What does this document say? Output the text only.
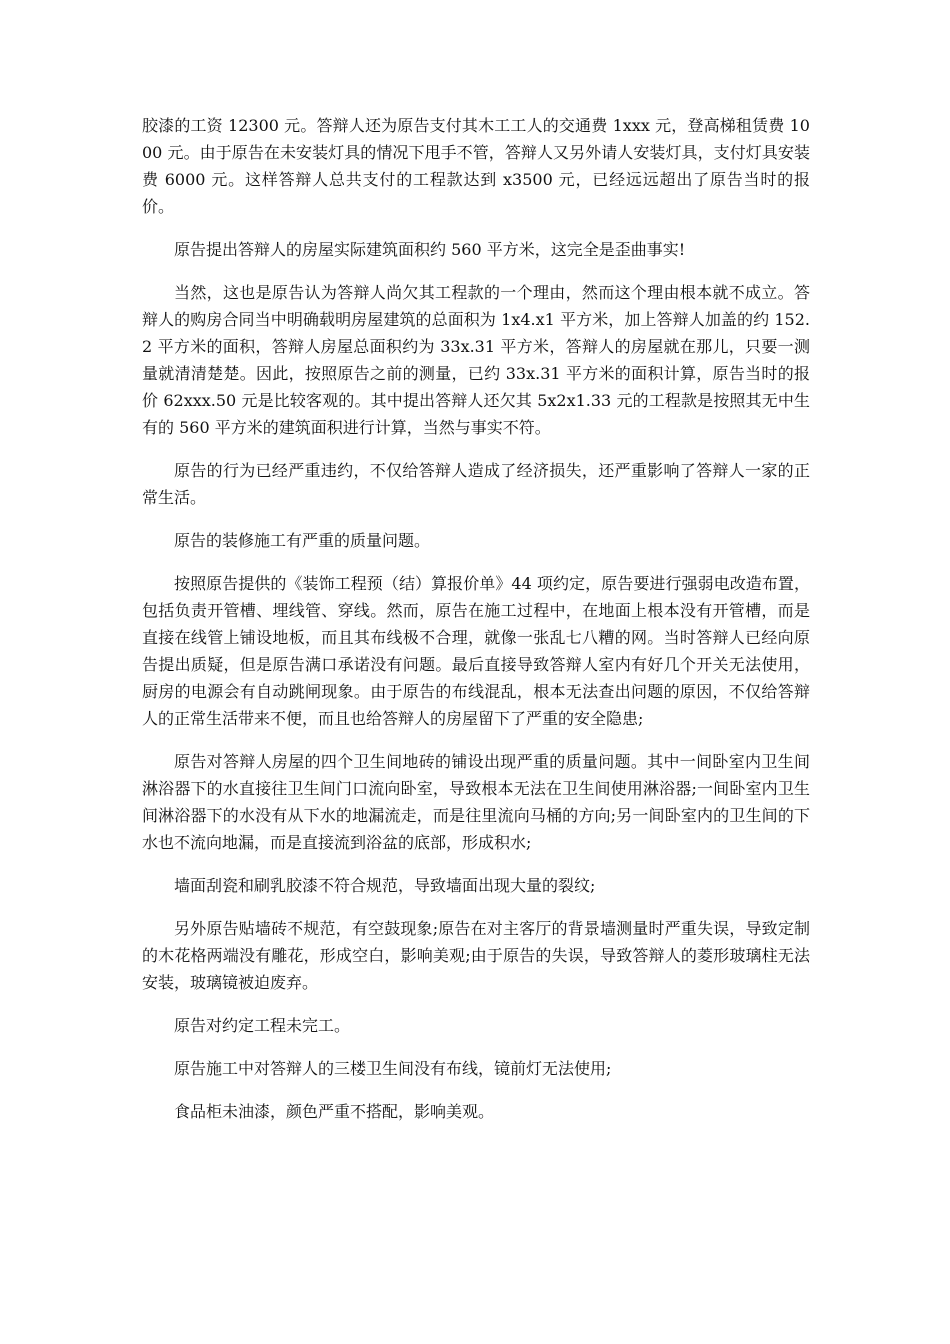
胶漆的工资 12300 元。答辩人还为原告支付其木工工人的交通费 1xxx 元，登高梯租赁费 1000 元。由于原告在未安装灯具的情况下甩手不管，答辩人又另外请人安装灯具，支付灯具安装费 6000 元。这样答辩人总共支付的工程款达到 x3500 元，已经远远超出了原告当时的报价。

原告提出答辩人的房屋实际建筑面积约 560 平方米，这完全是歪曲事实!

当然，这也是原告认为答辩人尚欠其工程款的一个理由，然而这个理由根本就不成立。答辩人的购房合同当中明确载明房屋建筑的总面积为 1x4.x1 平方米，加上答辩人加盖的约 152.2 平方米的面积，答辩人房屋总面积约为 33x.31 平方米，答辩人的房屋就在那儿，只要一测量就清清楚楚。因此，按照原告之前的测量，已约 33x.31 平方米的面积计算，原告当时的报价 62xxx.50 元是比较客观的。其中提出答辩人还欠其 5x2x1.33 元的工程款是按照其无中生有的 560 平方米的建筑面积进行计算，当然与事实不符。

原告的行为已经严重违约，不仅给答辩人造成了经济损失，还严重影响了答辩人一家的正常生活。

原告的装修施工有严重的质量问题。

按照原告提供的《装饰工程预（结）算报价单》44 项约定，原告要进行强弱电改造布置，包括负责开管槽、埋线管、穿线。然而，原告在施工过程中，在地面上根本没有开管槽，而是直接在线管上铺设地板，而且其布线极不合理，就像一张乱七八糟的网。当时答辩人已经向原告提出质疑，但是原告满口承诺没有问题。最后直接导致答辩人室内有好几个开关无法使用，厨房的电源会有自动跳闸现象。由于原告的布线混乱，根本无法查出问题的原因，不仅给答辩人的正常生活带来不便，而且也给答辩人的房屋留下了严重的安全隐患;

原告对答辩人房屋的四个卫生间地砖的铺设出现严重的质量问题。其中一间卧室内卫生间淋浴器下的水直接往卫生间门口流向卧室，导致根本无法在卫生间使用淋浴器;一间卧室内卫生间淋浴器下的水没有从下水的地漏流走，而是往里流向马桶的方向;另一间卧室内的卫生间的下水也不流向地漏，而是直接流到浴盆的底部，形成积水;

墙面刮瓷和刷乳胶漆不符合规范，导致墙面出现大量的裂纹;

另外原告贴墙砖不规范，有空鼓现象;原告在对主客厅的背景墙测量时严重失误，导致定制的木花格两端没有雕花，形成空白，影响美观;由于原告的失误，导致答辩人的菱形玻璃柱无法安装，玻璃镜被迫废弃。

原告对约定工程未完工。

原告施工中对答辩人的三楼卫生间没有布线，镜前灯无法使用;

食品柜未油漆，颜色严重不搭配，影响美观。
